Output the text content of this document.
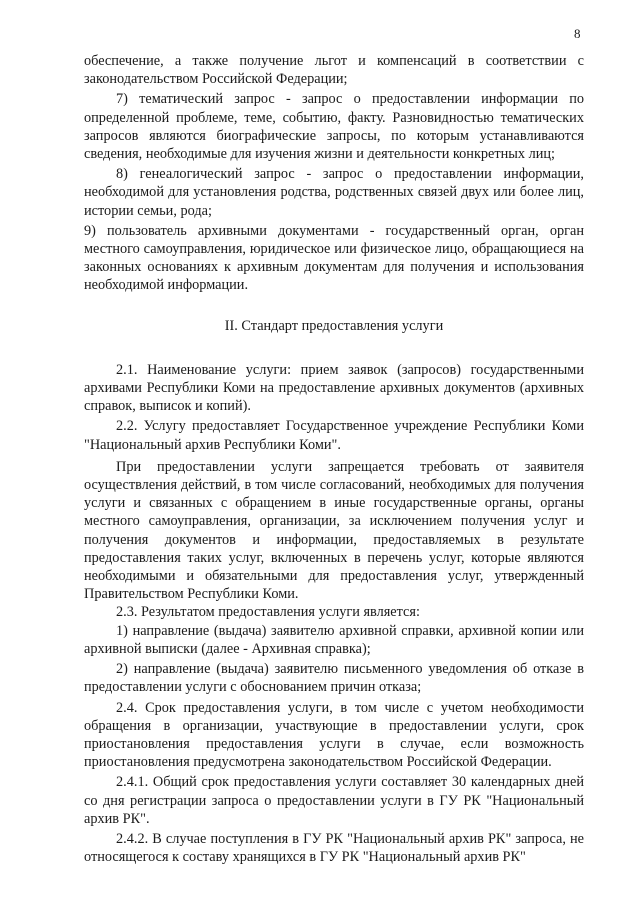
8

обеспечение, а также получение льгот и компенсаций в соответствии с законодательством Российской Федерации;

7) тематический запрос - запрос о предоставлении информации по определенной проблеме, теме, событию, факту. Разновидностью тематических запросов являются биографические запросы, по которым устанавливаются сведения, необходимые для изучения жизни и деятельности конкретных лиц;

8) генеалогический запрос - запрос о предоставлении информации, необходимой для установления родства, родственных связей двух или более лиц, истории семьи, рода;

9) пользователь архивными документами - государственный орган, орган местного самоуправления, юридическое или физическое лицо, обращающиеся на законных основаниях к архивным документам для получения и использования необходимой информации.

II. Стандарт предоставления услуги

2.1. Наименование услуги: прием заявок (запросов) государственными архивами Республики Коми на предоставление архивных документов (архивных справок, выписок и копий).

2.2. Услугу предоставляет Государственное учреждение Республики Коми "Национальный архив Республики Коми".

При предоставлении услуги запрещается требовать от заявителя осуществления действий, в том числе согласований, необходимых для получения услуги и связанных с обращением в иные государственные органы, органы местного самоуправления, организации, за исключением получения услуг и получения документов и информации, предоставляемых в результате предоставления таких услуг, включенных в перечень услуг, которые являются необходимыми и обязательными для предоставления услуг, утвержденный Правительством Республики Коми.

2.3. Результатом предоставления услуги является:

1) направление (выдача) заявителю архивной справки, архивной копии или архивной выписки (далее - Архивная справка);

2) направление (выдача) заявителю письменного уведомления об отказе в предоставлении услуги с обоснованием причин отказа;

2.4. Срок предоставления услуги, в том числе с учетом необходимости обращения в организации, участвующие в предоставлении услуги, срок приостановления предоставления услуги в случае, если возможность приостановления предусмотрена законодательством Российской Федерации.

2.4.1. Общий срок предоставления услуги составляет 30 календарных дней со дня регистрации запроса о предоставлении услуги в ГУ РК "Национальный архив РК".

2.4.2. В случае поступления в ГУ РК "Национальный архив РК" запроса, не относящегося к составу хранящихся в ГУ РК "Национальный архив РК"
